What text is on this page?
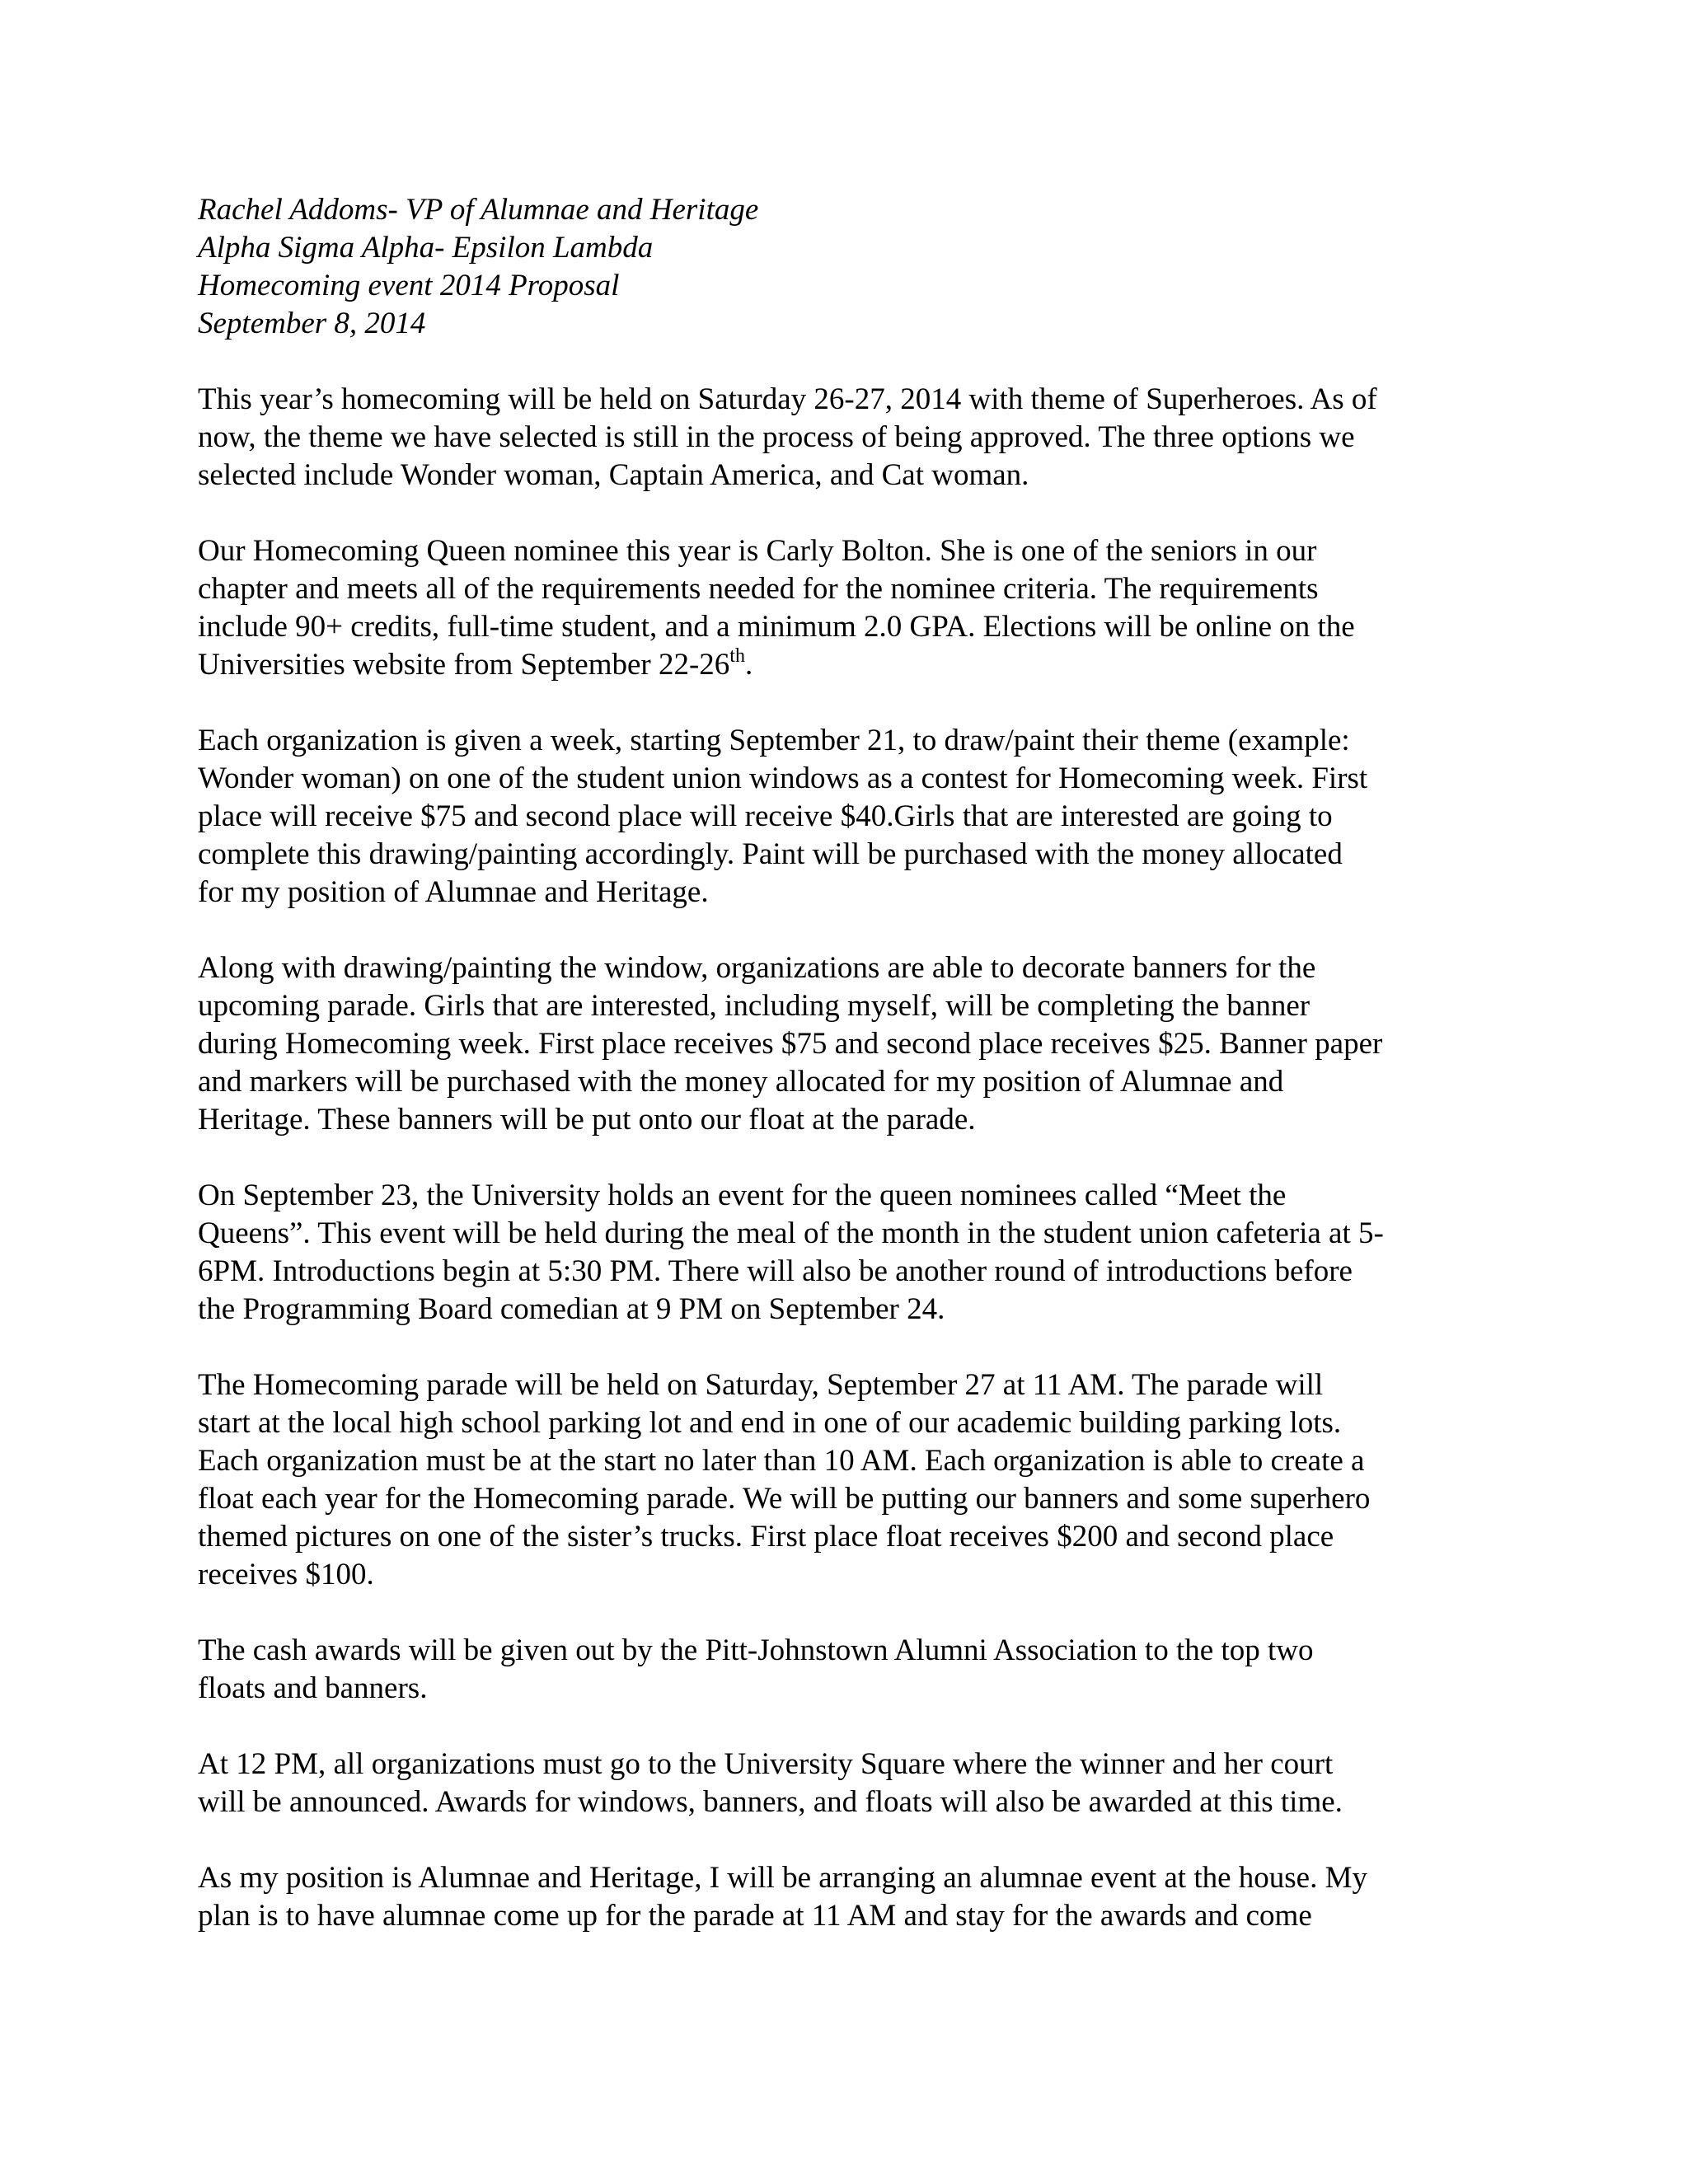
Rachel Addoms- VP of Alumnae and Heritage
Alpha Sigma Alpha- Epsilon Lambda
Homecoming event 2014 Proposal
September 8, 2014
This year’s homecoming will be held on Saturday 26-27, 2014 with theme of Superheroes. As of
now, the theme we have selected is still in the process of being approved. The three options we
selected include Wonder woman, Captain America, and Cat woman.
Our Homecoming Queen nominee this year is Carly Bolton. She is one of the seniors in our
chapter and meets all of the requirements needed for the nominee criteria. The requirements
include 90+ credits, full-time student, and a minimum 2.0 GPA. Elections will be online on the
Universities website from September 22-26th.
Each organization is given a week, starting September 21, to draw/paint their theme (example:
Wonder woman) on one of the student union windows as a contest for Homecoming week. First
place will receive $75 and second place will receive $40.Girls that are interested are going to
complete this drawing/painting accordingly. Paint will be purchased with the money allocated
for my position of Alumnae and Heritage.
Along with drawing/painting the window, organizations are able to decorate banners for the
upcoming parade. Girls that are interested, including myself, will be completing the banner
during Homecoming week. First place receives $75 and second place receives $25. Banner paper
and markers will be purchased with the money allocated for my position of Alumnae and
Heritage. These banners will be put onto our float at the parade.
On September 23, the University holds an event for the queen nominees called “Meet the
Queens”. This event will be held during the meal of the month in the student union cafeteria at 5-
6PM. Introductions begin at 5:30 PM. There will also be another round of introductions before
the Programming Board comedian at 9 PM on September 24.
The Homecoming parade will be held on Saturday, September 27 at 11 AM. The parade will
start at the local high school parking lot and end in one of our academic building parking lots.
Each organization must be at the start no later than 10 AM. Each organization is able to create a
float each year for the Homecoming parade. We will be putting our banners and some superhero
themed pictures on one of the sister’s trucks. First place float receives $200 and second place
receives $100.
The cash awards will be given out by the Pitt-Johnstown Alumni Association to the top two
floats and banners.
At 12 PM, all organizations must go to the University Square where the winner and her court
will be announced. Awards for windows, banners, and floats will also be awarded at this time.
As my position is Alumnae and Heritage, I will be arranging an alumnae event at the house. My
plan is to have alumnae come up for the parade at 11 AM and stay for the awards and come
